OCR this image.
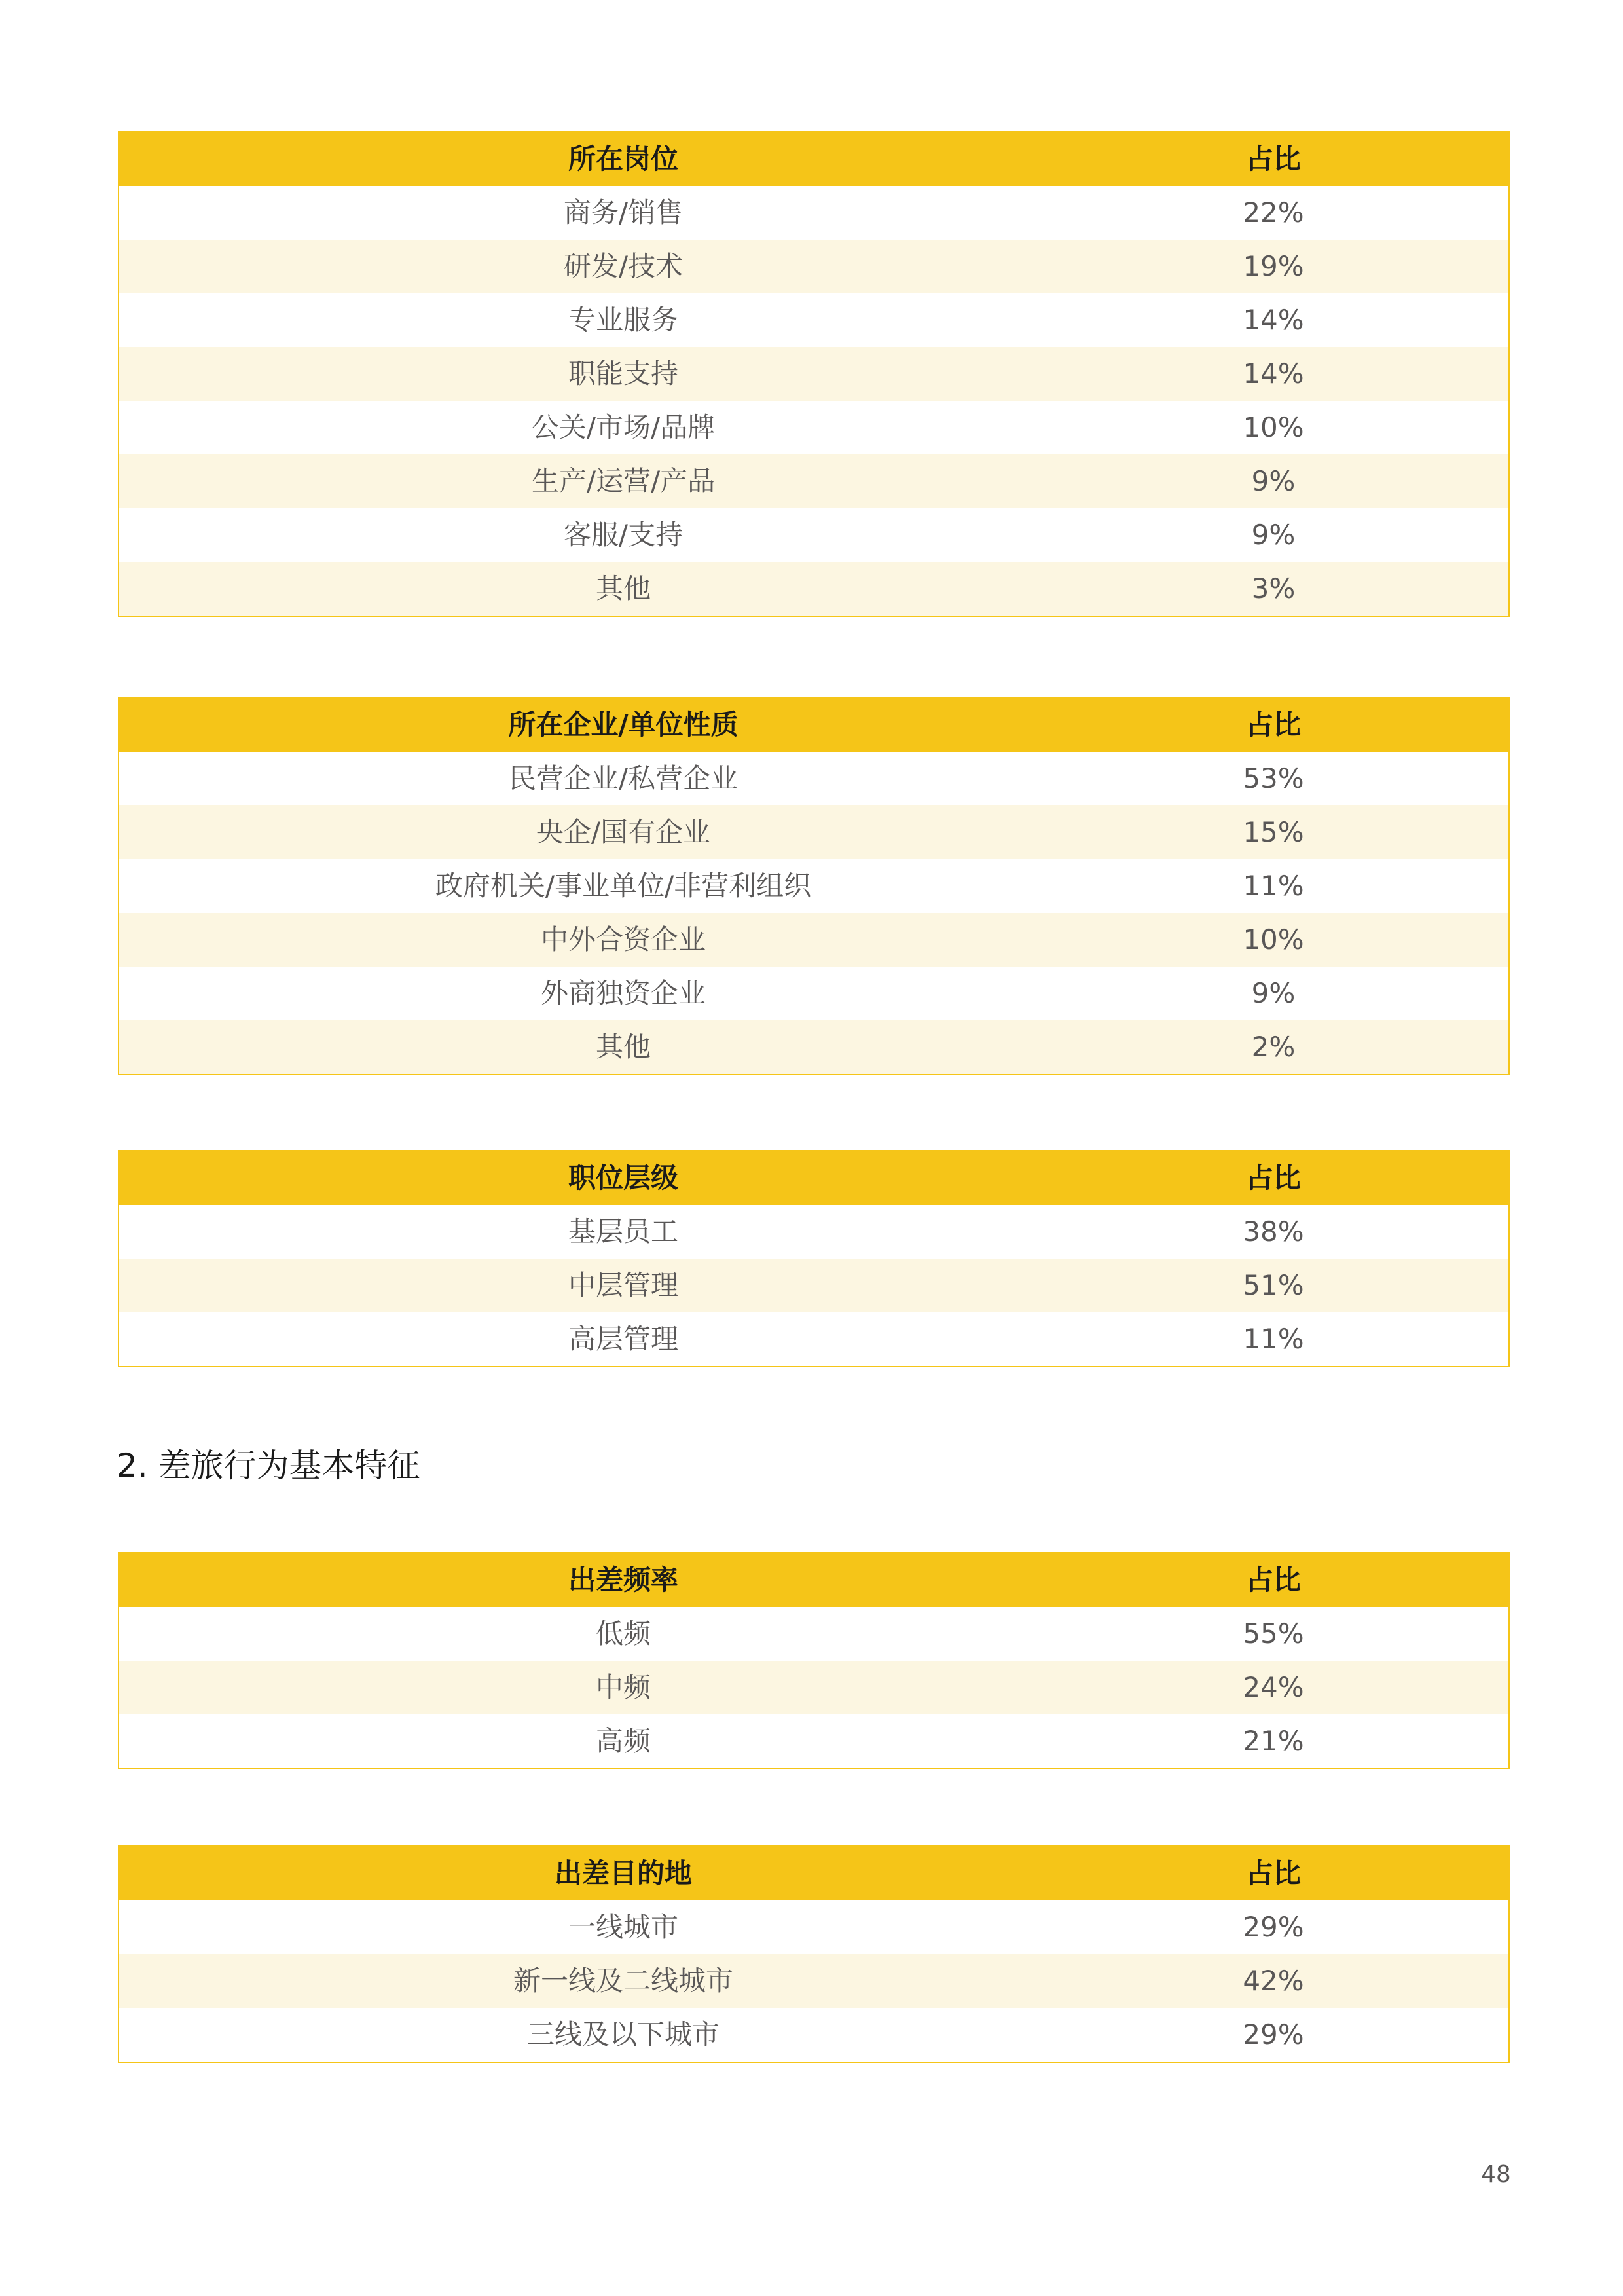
所在岗位	占比
商务/销售	22%
研发/技术	19%
专业服务	14%
职能支持	14%
公关/市场/品牌	10%
生产/运营/产品	9%
客服/支持	9%
其他	3%
所在企业/单位性质	占比
民营企业/私营企业	53%
央企/国有企业	15%
政府机关/事业单位/非营利组织	11%
中外合资企业	10%
外商独资企业	9%
其他	2%
职位层级	占比
基层员工	38%
中层管理	51%
高层管理	11%
2. 差旅行为基本特征
出差频率	占比
低频	55%
中频	24%
高频	21%
出差目的地	占比
一线城市	29%
新一线及二线城市	42%
三线及以下城市	29%
48
